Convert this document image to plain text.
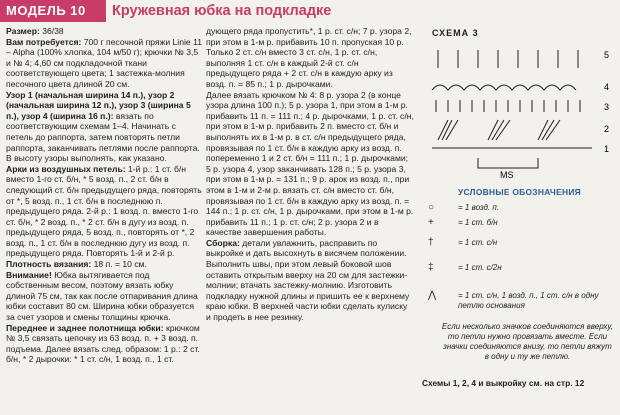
МОДЕЛЬ 10	Кружевная юбка на подкладке

Размер: 36/38

Вам потребуется: 700 г песочной пряжи Linie 11 – Alpha (100% хлопка, 104 м/50 г); крючки № 3,5 и № 4; 4,60 см подкладочной ткани соответствующего цвета; 1 застежка-молния песочного цвета длиной 20 см.

Узор 1 (начальная ширина 14 п.), узор 2 (начальная ширина 12 п.), узор 3 (ширина 5 п.), узор 4 (ширина 16 п.): вязать по соответствующим схемам 1–4. Начинать с петель до раппорта, затем повторять петли раппорта, заканчивать петлями после раппорта. В высоту узоры выполнять, как указано.

Арки из воздушных петель: 1-й р.: 1 ст. б/н вместо 1-го ст. б/н, * 5 возд. п., 2 ст. б/н в следующий ст. б/н предыдущего ряда, повторять от *, 5 возд. п., 1 ст. б/н в последнюю п. предыдущего ряда. 2-й р.: 1 возд. п. вместо 1-го ст. б/н, * 2 возд. п., * 2 ст. б/н в дугу из возд. п. предыдущего ряда, 5 возд. п., повторять от *, 2 возд. п., 1 ст. б/н в последнюю дугу из возд. п. предыдущего ряда. Повторять 1-й и 2-й р.

Плотность вязания: 18 п. = 10 см.

Внимание! Юбка вытягивается под собственным весом, поэтому вязать юбку длиной 75 см, так как после отпаривания длина юбки составит 80 см. Ширина юбки образуется за счет узоров и смены толщины крючка.

Переднее и заднее полотнища юбки: крючком № 3,5 связать цепочку из 63 возд. п. + 3 возд. п. подъема. Далее вязать след. образом: 1 р.: 2 ст. б/н, * 2 дырочки: * 1 ст. с/н, 1 возд. п., 1 ст.

дующего ряда пропустить*, 1 р. ст. с/н; 7 р. узора 2, при этом в 1-м р. прибавить 10 п. пропуская 10 р. Только 2 ст. с/н вместо 3 ст. с/н, 1 р. ст. с/н, выполняя 1 ст. с/н в каждый 2-й ст. с/н предыдущего ряда + 2 ст. с/н в каждую арку из возд. п. = 85 п.; 1 р. дырочками.

Далее вязать крючком № 4: 8 р. узора 2 (в конце узора длина 100 п.); 5 р. узора 1, при этом в 1-м р. прибавить 11 п. = 111 п.; 4 р. дырочками, 1 р. ст. с/н, при этом в 1-м р. прибавить 2 п. вместо ст. б/н и выполнять их в 1-м р. в ст. с/н предыдущего ряда, провязывая по 1 ст. б/н в каждую арку из возд. п. попеременно 1 и 2 ст. б/н = 111 п.; 1 р. дырочками; 5 р. узора 4, узор заканчивать 128 п.; 5 р. узора 3, при этом в 1-м р. = 131 п.; 9 р. арок из возд. п., при этом в 1-м и 2-м р. вязать ст. с/н вместо ст. б/н, провязывая по 1 ст. б/н в каждую арку из возд. п. = 144 п.; 1 р. ст. с/н, 1 р. дырочками, при этом в 1-м р. прибавить 11 п.; 1 р. ст. с/н; 2 р. узора 2 и в качестве завершения работы.

Сборка: детали увлажнить, расправить по выкройке и дать высохнуть в висячем положении. Выполнить швы, при этом левый боковой шов оставить открытым вверху на 20 см для застежки-молнии; втачать застежку-молнию. Изготовить подкладку нужной длины и пришить ее к верхнему краю юбки. В верхней части юбки сделать кулиску и продеть в нее резинку.

СХЕМА 3
MS
5
4
3
2
1
УСЛОВНЫЕ ОБОЗНАЧЕНИЯ
○	= 1 возд. п.
+	= 1 ст. б/н
†	= 1 ст. с/н
‡	= 1 ст. с/2н
⋀	= 1 ст. с/н, 1 возд. п., 1 ст. с/н в одну петлю основания
Если несколько значков соединяются вверху, то петли нужно провязать вместе. Если значки соединяются внизу, то петли вяжут в одну и ту же петлю.
Схемы 1, 2, 4 и выкройку см. на стр. 12
